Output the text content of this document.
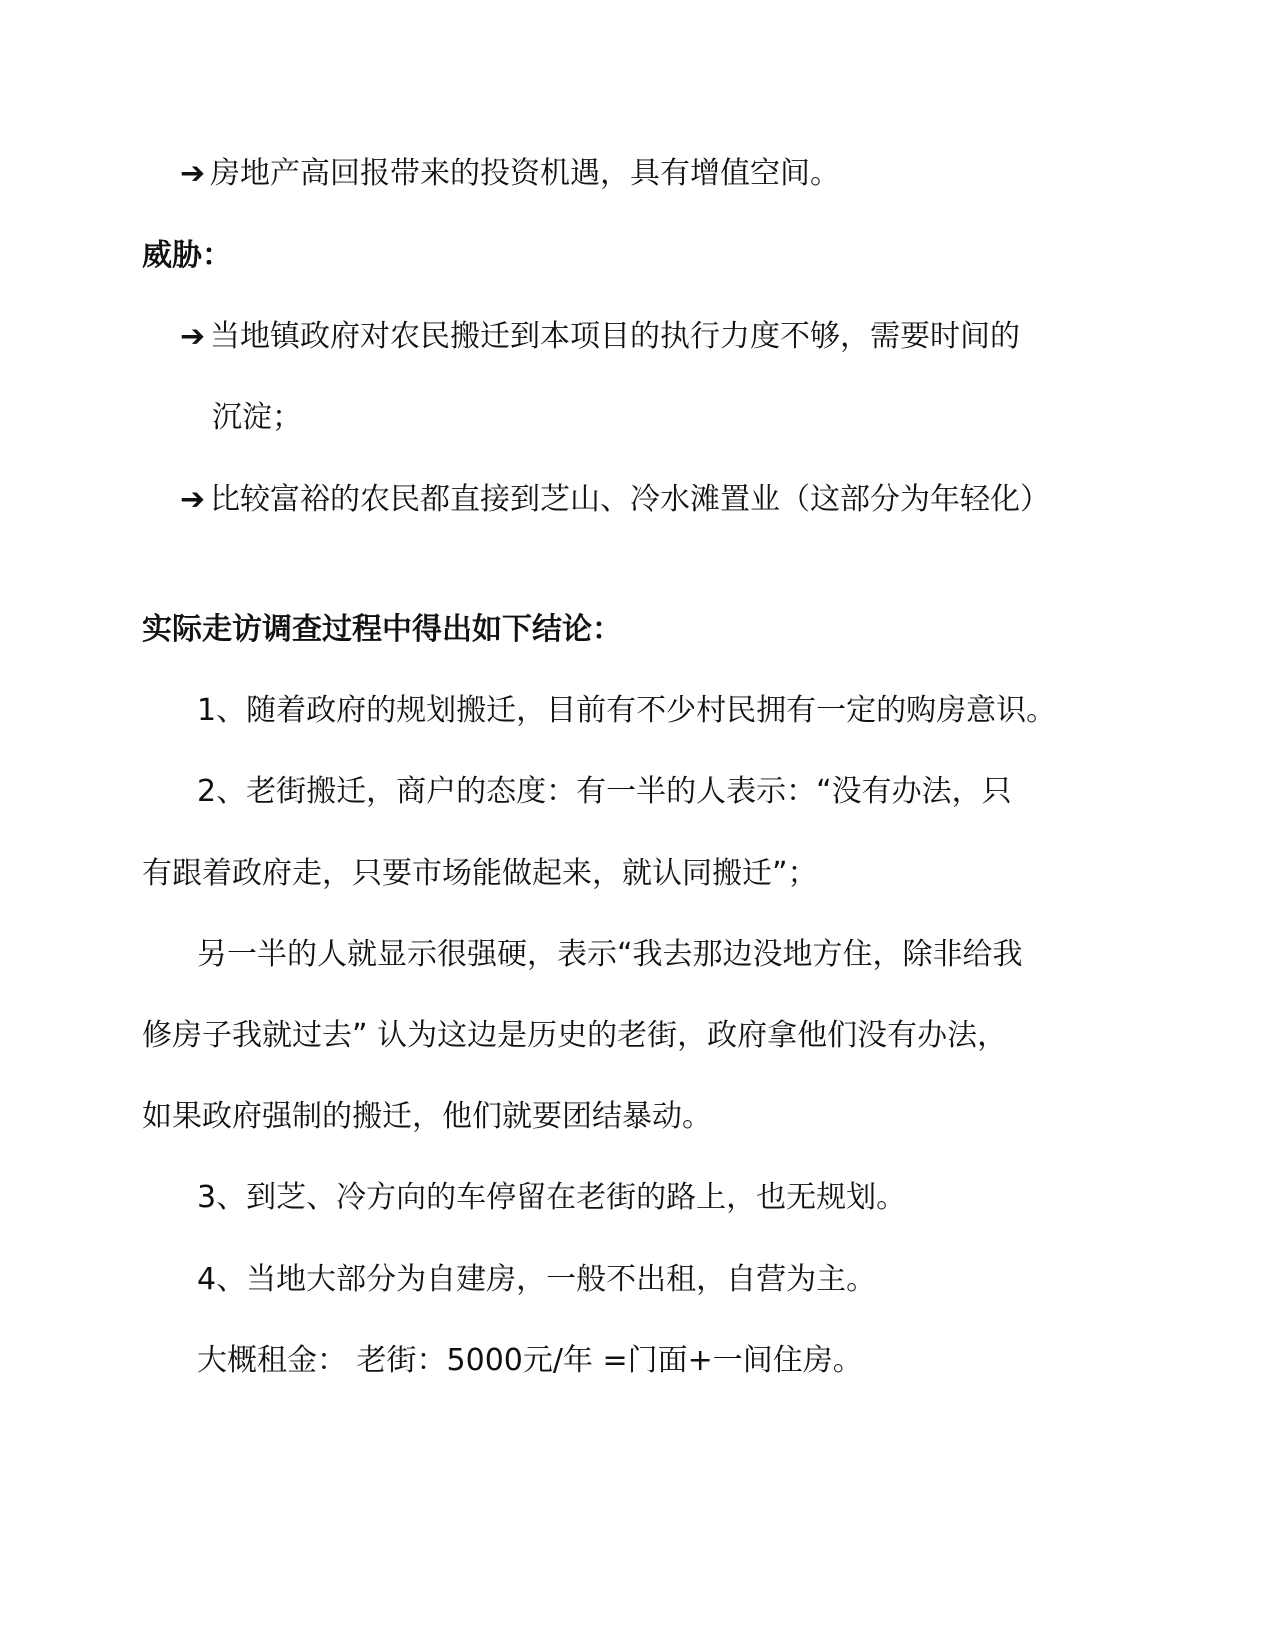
➔ 房地产高回报带来的投资机遇，具有增值空间。
威胁：
➔ 当地镇政府对农民搬迁到本项目的执行力度不够，需要时间的
沉淀；
➔ 比较富裕的农民都直接到芝山、冷水滩置业（这部分为年轻化）
实际走访调查过程中得出如下结论：
1、随着政府的规划搬迁，目前有不少村民拥有一定的购房意识。
2、老街搬迁，商户的态度：有一半的人表示：“没有办法，只
有跟着政府走，只要市场能做起来，就认同搬迁”；
另一半的人就显示很强硬，表示“我去那边没地方住，除非给我
修房子我就过去” 认为这边是历史的老街，政府拿他们没有办法，
如果政府强制的搬迁，他们就要团结暴动。
3、到芝、冷方向的车停留在老街的路上，也无规划。
4、当地大部分为自建房，一般不出租，自营为主。
大概租金： 老街：5000元/年 =门面+一间住房。
